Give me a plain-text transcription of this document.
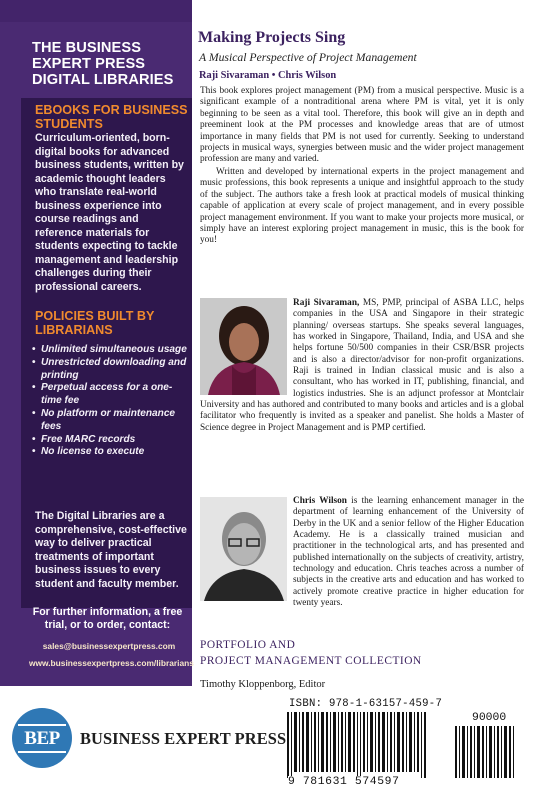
THE BUSINESS EXPERT PRESS DIGITAL LIBRARIES
EBOOKS FOR BUSINESS STUDENTS
Curriculum-oriented, born-digital books for advanced business students, written by academic thought leaders who translate real-world business experience into course readings and reference materials for students expecting to tackle management and leadership challenges during their professional careers.
POLICIES BUILT BY LIBRARIANS
• Unlimited simultaneous usage
• Unrestricted downloading and printing
• Perpetual access for a one-time fee
• No platform or maintenance fees
• Free MARC records
• No license to execute
The Digital Libraries are a comprehensive, cost-effective way to deliver practical treatments of important business issues to every student and faculty member.
For further information, a free trial, or to order, contact:
sales@businessexpertpress.com
www.businessexpertpress.com/librarians
BEP	BUSINESS EXPERT PRESS
Making Projects Sing
A Musical Perspective of Project Management
Raji Sivaraman • Chris Wilson

This book explores project management (PM) from a musical perspective. Music is a significant example of a nontraditional arena where PM is vital, yet it is only beginning to be seen as a vital tool. Therefore, this book will give an in depth and preeminent look at the PM processes and knowledge areas that are of utmost importance in many fields that PM is not used for currently. Seeking to understand projects in musical ways, synergies between music and the wider project management profession are many and varied.

Written and developed by international experts in the project management and music professions, this book represents a unique and insightful approach to the study of the subject. The authors take a fresh look at practical models of musical thinking capable of application at every scale of project management, and in every possible project management environment. If you want to make your projects more musical, or simply have an interest exploring project management in music, this is the book for you!

Raji Sivaraman, MS, PMP, principal of ASBA LLC, helps companies in the USA and Singapore in their strategic planning/ overseas startups. She speaks several languages, has worked in Singapore, Thailand, India, and USA and she helps fortune 50/500 companies in their CSR/BSR projects and is also a director/advisor for non-profit organizations. Raji is trained in Indian classical music and is also a consultant, who has worked in IT, publishing, financial, and logistics industries. She is an adjunct professor at Montclair University and has authored and contributed to many books and articles and is a global facilitator who frequently is invited as a speaker and panelist. She holds a Master of Science degree in Project Management and is PMP certified.

Chris Wilson is the learning enhancement manager in the department of learning enhancement of the University of Derby in the UK and a senior fellow of the Higher Education Academy. He is a classically trained musician and practitioner in the technological arts, and has presented and published internationally on the subjects of creativity, artistry, technology and education. Chris teaches across a number of subjects in the creative arts and education and has worked to actively promote creative practice in higher education for twenty years.

PORTFOLIO AND
PROJECT MANAGEMENT COLLECTION
Timothy Kloppenborg, Editor
ISBN: 978-1-63157-459-7
90000
9 781631 574597
